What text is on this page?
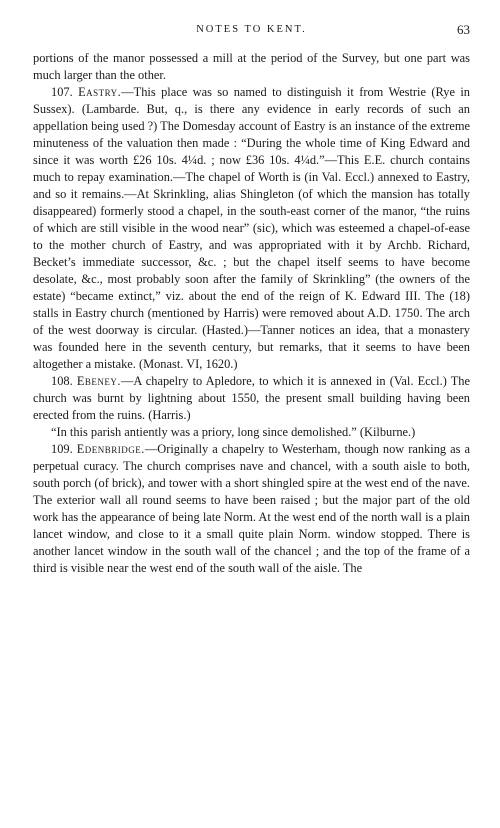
NOTES TO KENT.	63

portions of the manor possessed a mill at the period of the Survey, but one part was much larger than the other.

107. Eastry.—This place was so named to distinguish it from Westrie (Rye in Sussex). (Lambarde. But, q., is there any evidence in early records of such an appellation being used ?) The Domesday account of Eastry is an instance of the extreme minuteness of the valuation then made : “During the whole time of King Edward and since it was worth £26 10s. 4¼d. ; now £36 10s. 4¼d.”—This E.E. church contains much to repay examination.—The chapel of Worth is (in Val. Eccl.) annexed to Eastry, and so it remains.—At Skrinkling, alias Shingleton (of which the mansion has totally disappeared) formerly stood a chapel, in the south-east corner of the manor, “the ruins of which are still visible in the wood near” (sic), which was esteemed a chapel-of-ease to the mother church of Eastry, and was appropriated with it by Archb. Richard, Becket’s immediate successor, &c. ; but the chapel itself seems to have become desolate, &c., most probably soon after the family of Skrinkling” (the owners of the estate) “became extinct,” viz. about the end of the reign of K. Edward III. The (18) stalls in Eastry church (mentioned by Harris) were removed about A.D. 1750. The arch of the west doorway is circular. (Hasted.)—Tanner notices an idea, that a monastery was founded here in the seventh century, but remarks, that it seems to have been altogether a mistake. (Monast. VI, 1620.)

108. Ebeney.—A chapelry to Apledore, to which it is annexed in (Val. Eccl.) The church was burnt by lightning about 1550, the present small building having been erected from the ruins. (Harris.)

“In this parish antiently was a priory, long since demolished.” (Kilburne.)

109. Edenbridge.—Originally a chapelry to Westerham, though now ranking as a perpetual curacy. The church comprises nave and chancel, with a south aisle to both, south porch (of brick), and tower with a short shingled spire at the west end of the nave. The exterior wall all round seems to have been raised ; but the major part of the old work has the appearance of being late Norm. At the west end of the north wall is a plain lancet window, and close to it a small quite plain Norm. window stopped. There is another lancet window in the south wall of the chancel ; and the top of the frame of a third is visible near the west end of the south wall of the aisle. The
